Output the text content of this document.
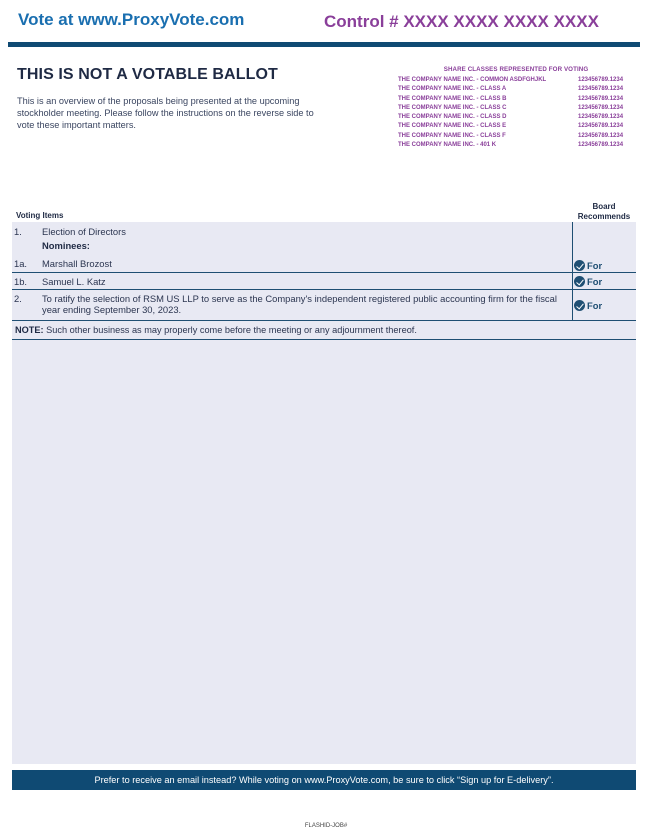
Vote at www.ProxyVote.com	Control # XXXX XXXX XXXX XXXX
THIS IS NOT A VOTABLE BALLOT
This is an overview of the proposals being presented at the upcoming stockholder meeting. Please follow the instructions on the reverse side to vote these important matters.
SHARE CLASSES REPRESENTED FOR VOTING
THE COMPANY NAME INC. - COMMON ASDFGHJKL	123456789.1234
THE COMPANY NAME INC. - CLASS A	123456789.1234
THE COMPANY NAME INC. - CLASS B	123456789.1234
THE COMPANY NAME INC. - CLASS C	123456789.1234
THE COMPANY NAME INC. - CLASS D	123456789.1234
THE COMPANY NAME INC. - CLASS E	123456789.1234
THE COMPANY NAME INC. - CLASS F	123456789.1234
THE COMPANY NAME INC. - 401 K	123456789.1234
Voting Items
Board
Recommends
1. Election of Directors
Nominees:
1a. Marshall Brozost	For
1b. Samuel L. Katz	For
2. To ratify the selection of RSM US LLP to serve as the Company's independent registered public accounting firm for the fiscal year ending September 30, 2023.	For
NOTE: Such other business as may properly come before the meeting or any adjournment thereof.
Prefer to receive an email instead? While voting on www.ProxyVote.com, be sure to click “Sign up for E-delivery”.
FLASHID-JOB#
